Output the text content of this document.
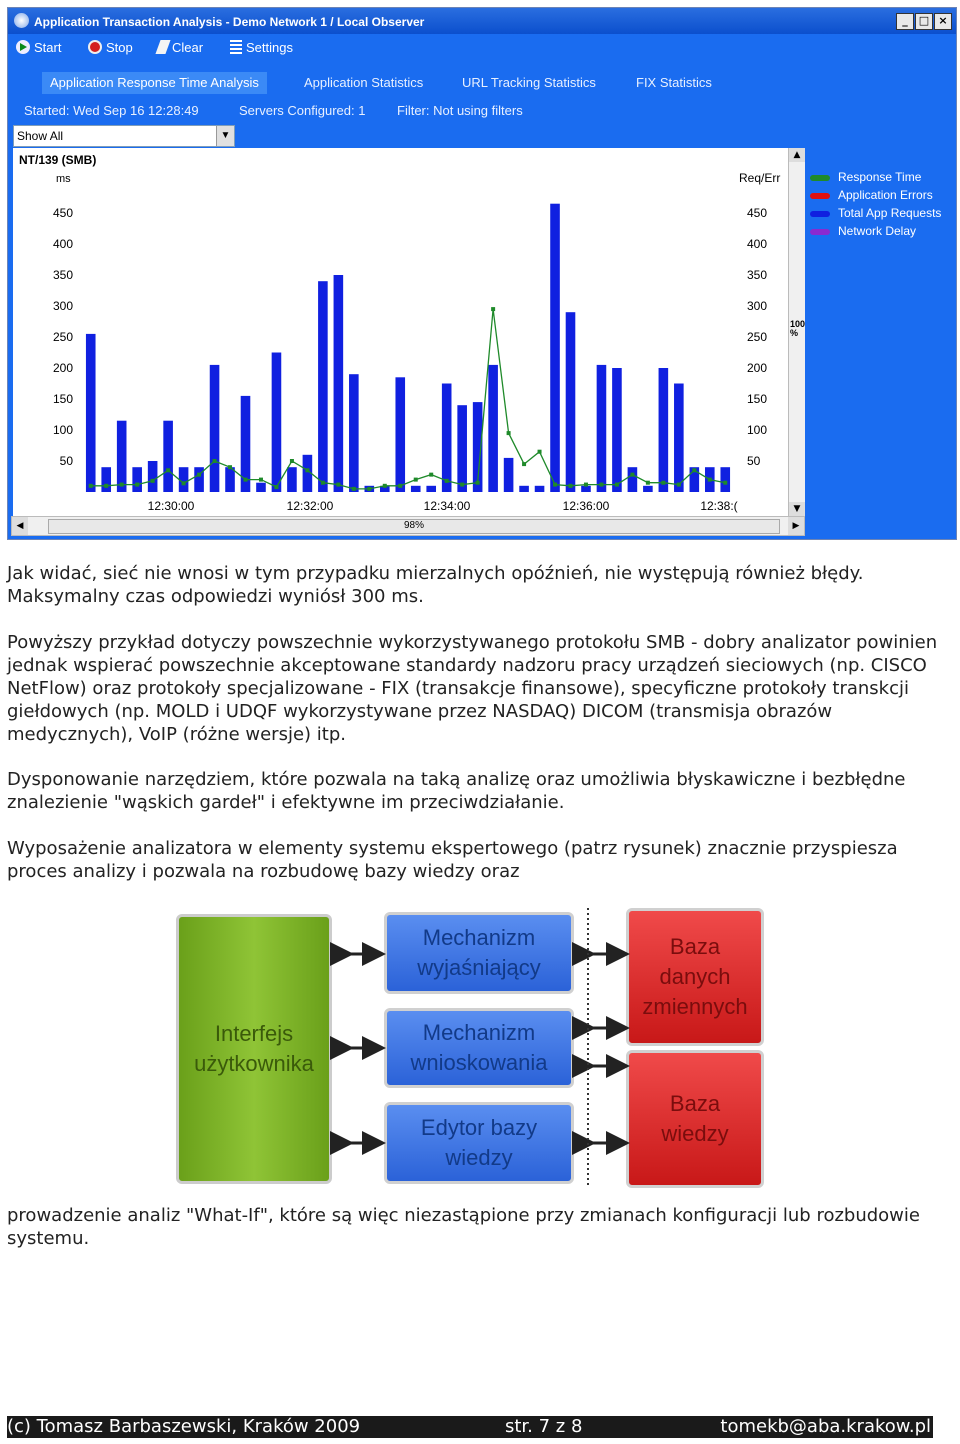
Application Transaction Analysis - Demo Network 1 / Local Observer	_	□ ×
Start	Stop	Clear	Settings
Application Response Time Analysis	Application Statistics	URL Tracking Statistics	FIX Statistics
Started: Wed Sep 16 12:28:49	Servers Configured: 1 Filter: Not using filters
Show All	▼
NT/139 (SMB)
ms	Req/Err
50	50
100	100
150	150
200	200
250	250
300	300
350	350
400	400
450	450
12:30:00	12:32:00	12:34:00	12:36:00	12:38:(
▲
▼
100
%
◀	98%	▶
Response Time
Application Errors
Total App Requests
Network Delay

Jak widać, sieć nie wnosi w tym przypadku mierzalnych opóźnień, nie występują również błędy. Maksymalny czas odpowiedzi wyniósł 300 ms.

Powyższy przykład dotyczy powszechnie wykorzystywanego protokołu SMB - dobry analizator powinien jednak wspierać powszechnie akceptowane standardy nadzoru pracy urządzeń sieciowych (np. CISCO NetFlow) oraz protokoły specjalizowane - FIX (transakcje finansowe), specyficzne protokoły transkcji giełdowych (np. MOLD i UDQF wykorzystywane przez NASDAQ) DICOM (transmisja obrazów medycznych), VoIP (różne wersje) itp.

Dysponowanie narzędziem, które pozwala na taką analizę oraz umożliwia błyskawiczne i bezbłędne znalezienie "wąskich gardeł" i efektywne im przeciwdziałanie.

Wyposażenie analizatora w elementy systemu ekspertowego (patrz rysunek) znacznie przyspiesza proces analizy i pozwala na rozbudowę bazy wiedzy oraz

Interfejs
użytkownika
Mechanizm
wyjaśniający
Mechanizm
wnioskowania
Edytor bazy
wiedzy
Baza
danych
zmiennych
Baza
wiedzy

prowadzenie analiz "What-If", które są więc niezastąpione przy zmianach konfiguracji lub rozbudowie systemu.

(c) Tomasz Barbaszewski, Kraków 2009	str. 7 z 8	tomekb@aba.krakow.pl
